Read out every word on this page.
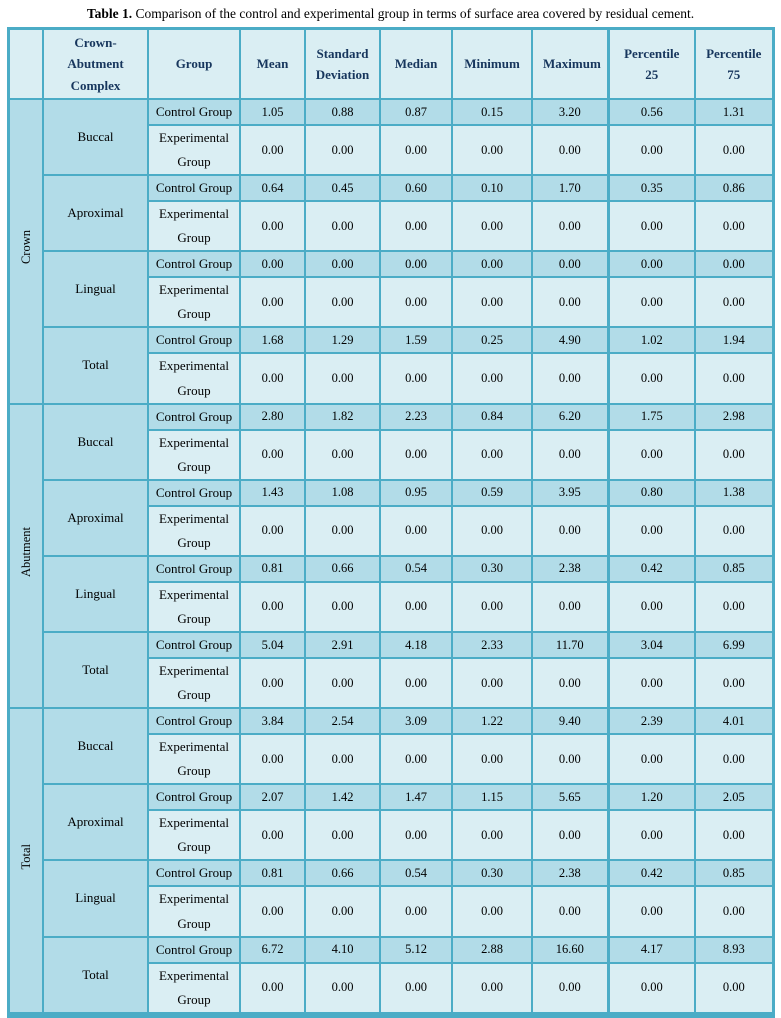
Table 1. Comparison of the control and experimental group in terms of surface area covered by residual cement.
	Crown-Abutment Complex	Group	Mean	Standard Deviation	Median	Minimum	Maximum	Percentile 25	Percentile 75
Crown	Buccal	Control Group	1.05	0.88	0.87	0.15	3.20	0.56	1.31
		Experimental Group	0.00	0.00	0.00	0.00	0.00	0.00	0.00
	Aproximal	Control Group	0.64	0.45	0.60	0.10	1.70	0.35	0.86
		Experimental Group	0.00	0.00	0.00	0.00	0.00	0.00	0.00
	Lingual	Control Group	0.00	0.00	0.00	0.00	0.00	0.00	0.00
		Experimental Group	0.00	0.00	0.00	0.00	0.00	0.00	0.00
	Total	Control Group	1.68	1.29	1.59	0.25	4.90	1.02	1.94
		Experimental Group	0.00	0.00	0.00	0.00	0.00	0.00	0.00
Abutment	Buccal	Control Group	2.80	1.82	2.23	0.84	6.20	1.75	2.98
		Experimental Group	0.00	0.00	0.00	0.00	0.00	0.00	0.00
	Aproximal	Control Group	1.43	1.08	0.95	0.59	3.95	0.80	1.38
		Experimental Group	0.00	0.00	0.00	0.00	0.00	0.00	0.00
	Lingual	Control Group	0.81	0.66	0.54	0.30	2.38	0.42	0.85
		Experimental Group	0.00	0.00	0.00	0.00	0.00	0.00	0.00
	Total	Control Group	5.04	2.91	4.18	2.33	11.70	3.04	6.99
		Experimental Group	0.00	0.00	0.00	0.00	0.00	0.00	0.00
Total	Buccal	Control Group	3.84	2.54	3.09	1.22	9.40	2.39	4.01
		Experimental Group	0.00	0.00	0.00	0.00	0.00	0.00	0.00
	Aproximal	Control Group	2.07	1.42	1.47	1.15	5.65	1.20	2.05
		Experimental Group	0.00	0.00	0.00	0.00	0.00	0.00	0.00
	Lingual	Control Group	0.81	0.66	0.54	0.30	2.38	0.42	0.85
		Experimental Group	0.00	0.00	0.00	0.00	0.00	0.00	0.00
	Total	Control Group	6.72	4.10	5.12	2.88	16.60	4.17	8.93
		Experimental Group	0.00	0.00	0.00	0.00	0.00	0.00	0.00
